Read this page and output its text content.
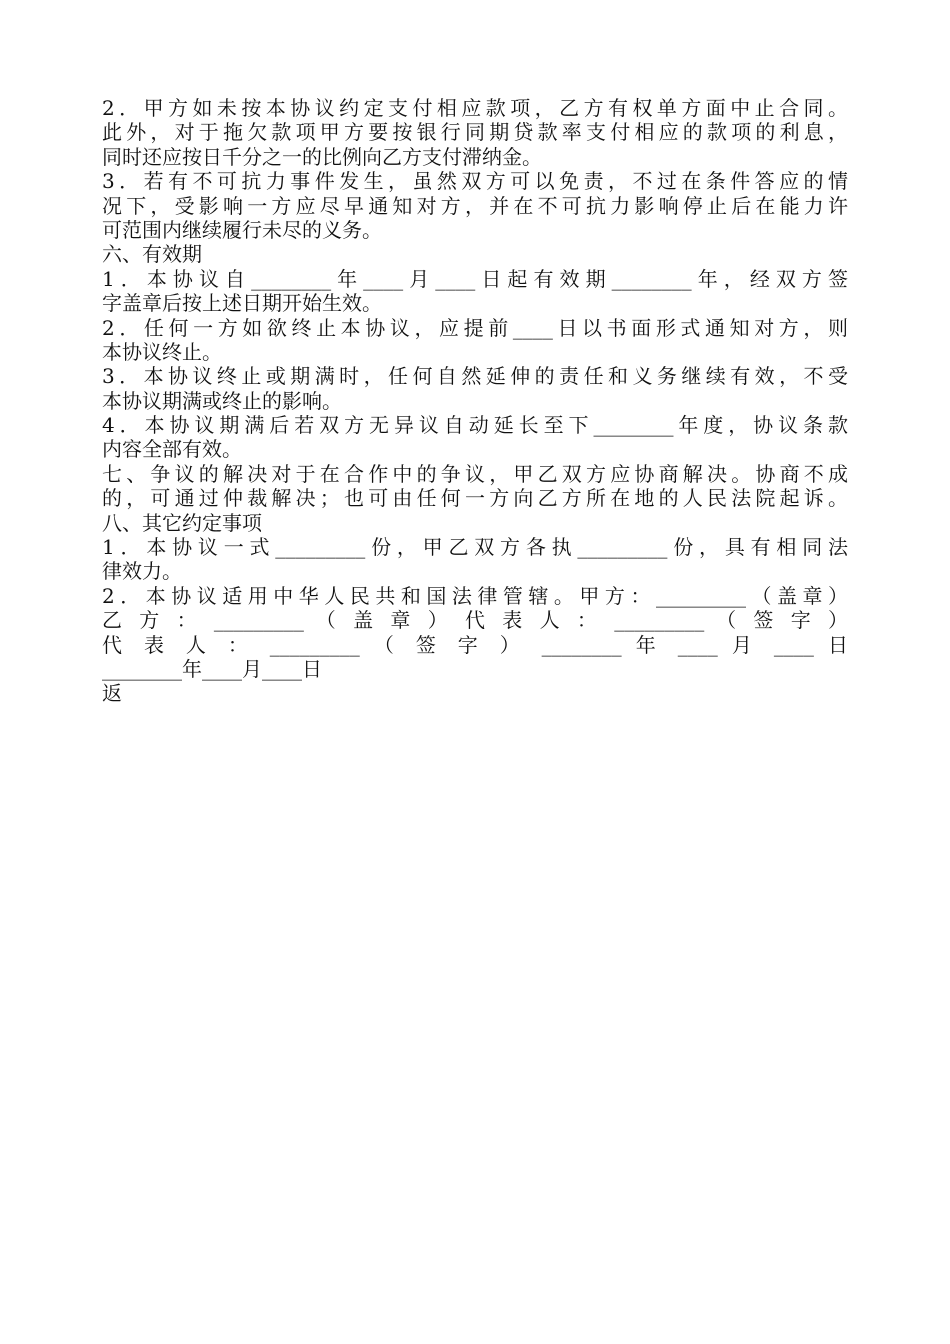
2．甲方如未按本协议约定支付相应款项，乙方有权单方面中止合同。
此外，对于拖欠款项甲方要按银行同期贷款率支付相应的款项的利息，
同时还应按日千分之一的比例向乙方支付滞纳金。
3．若有不可抗力事件发生，虽然双方可以免责，不过在条件答应的情
况下，受影响一方应尽早通知对方，并在不可抗力影响停止后在能力许
可范围内继续履行未尽的义务。
六、有效期
1．本协议自________年____月____日起有效期________年，经双方签
字盖章后按上述日期开始生效。
2．任何一方如欲终止本协议，应提前____日以书面形式通知对方，则
本协议终止。
3．本协议终止或期满时，任何自然延伸的责任和义务继续有效，不受
本协议期满或终止的影响。
4．本协议期满后若双方无异议自动延长至下________年度，协议条款
内容全部有效。
七、争议的解决对于在合作中的争议，甲乙双方应协商解决。协商不成
的，可通过仲裁解决；也可由任何一方向乙方所在地的人民法院起诉。
八、其它约定事项
1．本协议一式_________份，甲乙双方各执_________份，具有相同法
律效力。
2．本协议适用中华人民共和国法律管辖。甲方：_________（盖章）
乙 方 ： _________ （ 盖 章 ） 代 表 人 ： _________ （ 签 字 ）
代 表 人 ： _________ （ 签 字 ） ________ 年 ____ 月 ____ 日
________年____月____日
返
